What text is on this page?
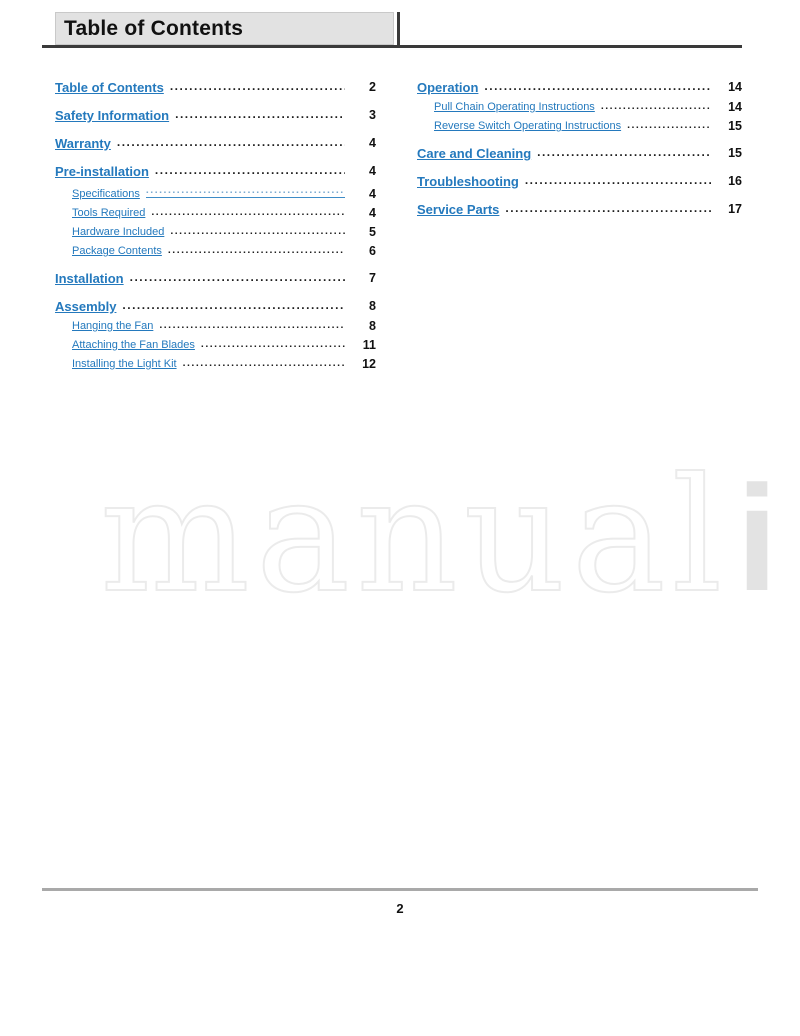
Table of Contents
Table of Contents .....	2
Safety Information .....	3
Warranty .....	4
Pre-installation .....	4
Specifications .....	4
Tools Required .....	4
Hardware Included .....	5
Package Contents .....	6
Installation .....	7
Assembly .....	8
Hanging the Fan .....	8
Attaching the Fan Blades .....	11
Installing the Light Kit .....	12
Operation .....	14
Pull Chain Operating Instructions .....	14
Reverse Switch Operating Instructions .....	15
Care and Cleaning .....	15
Troubleshooting .....	16
Service Parts .....	17
manuali
2
